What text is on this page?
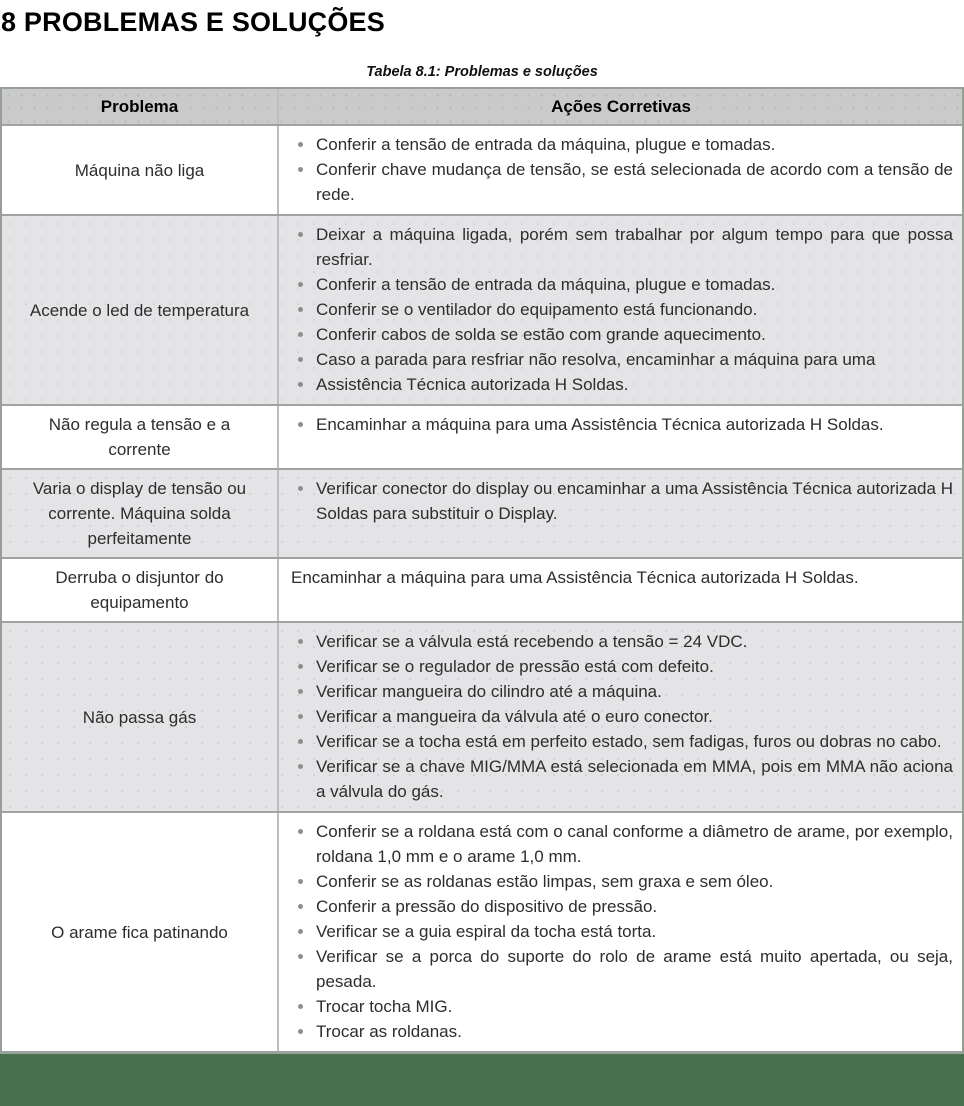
8 PROBLEMAS E SOLUÇÕES
Tabela 8.1: Problemas e soluções
Problema	Ações Corretivas
Máquina não liga
Conferir a tensão de entrada da máquina, plugue e tomadas.
Conferir chave mudança de tensão, se está selecionada de acordo com a tensão de rede.
Acende o led de temperatura
Deixar a máquina ligada, porém sem trabalhar por algum tempo para que possa resfriar.
Conferir a tensão de entrada da máquina, plugue e tomadas.
Conferir se o ventilador do equipamento está funcionando.
Conferir cabos de solda se estão com grande aquecimento.
Caso a parada para resfriar não resolva, encaminhar a máquina para uma
Assistência Técnica autorizada H Soldas.
Não regula a tensão e a corrente
Encaminhar a máquina para uma Assistência Técnica autorizada H Soldas.
Varia o display de tensão ou corrente. Máquina solda perfeitamente
Verificar conector do display ou encaminhar a uma Assistência Técnica autorizada H Soldas para substituir o Display.
Derruba o disjuntor do equipamento
Encaminhar a máquina para uma Assistência Técnica autorizada H Soldas.
Não passa gás
Verificar se a válvula está recebendo a tensão = 24 VDC.
Verificar se o regulador de pressão está com defeito.
Verificar mangueira do cilindro até a máquina.
Verificar a mangueira da válvula até o euro conector.
Verificar se a tocha está em perfeito estado, sem fadigas, furos ou dobras no cabo.
Verificar se a chave MIG/MMA está selecionada em MMA, pois em MMA não aciona a válvula do gás.
O arame fica patinando
Conferir se a roldana está com o canal conforme a diâmetro de arame, por exemplo, roldana 1,0 mm e o arame 1,0 mm.
Conferir se as roldanas estão limpas, sem graxa e sem óleo.
Conferir a pressão do dispositivo de pressão.
Verificar se a guia espiral da tocha está torta.
Verificar se a porca do suporte do rolo de arame está muito apertada, ou seja, pesada.
Trocar tocha MIG.
Trocar as roldanas.
